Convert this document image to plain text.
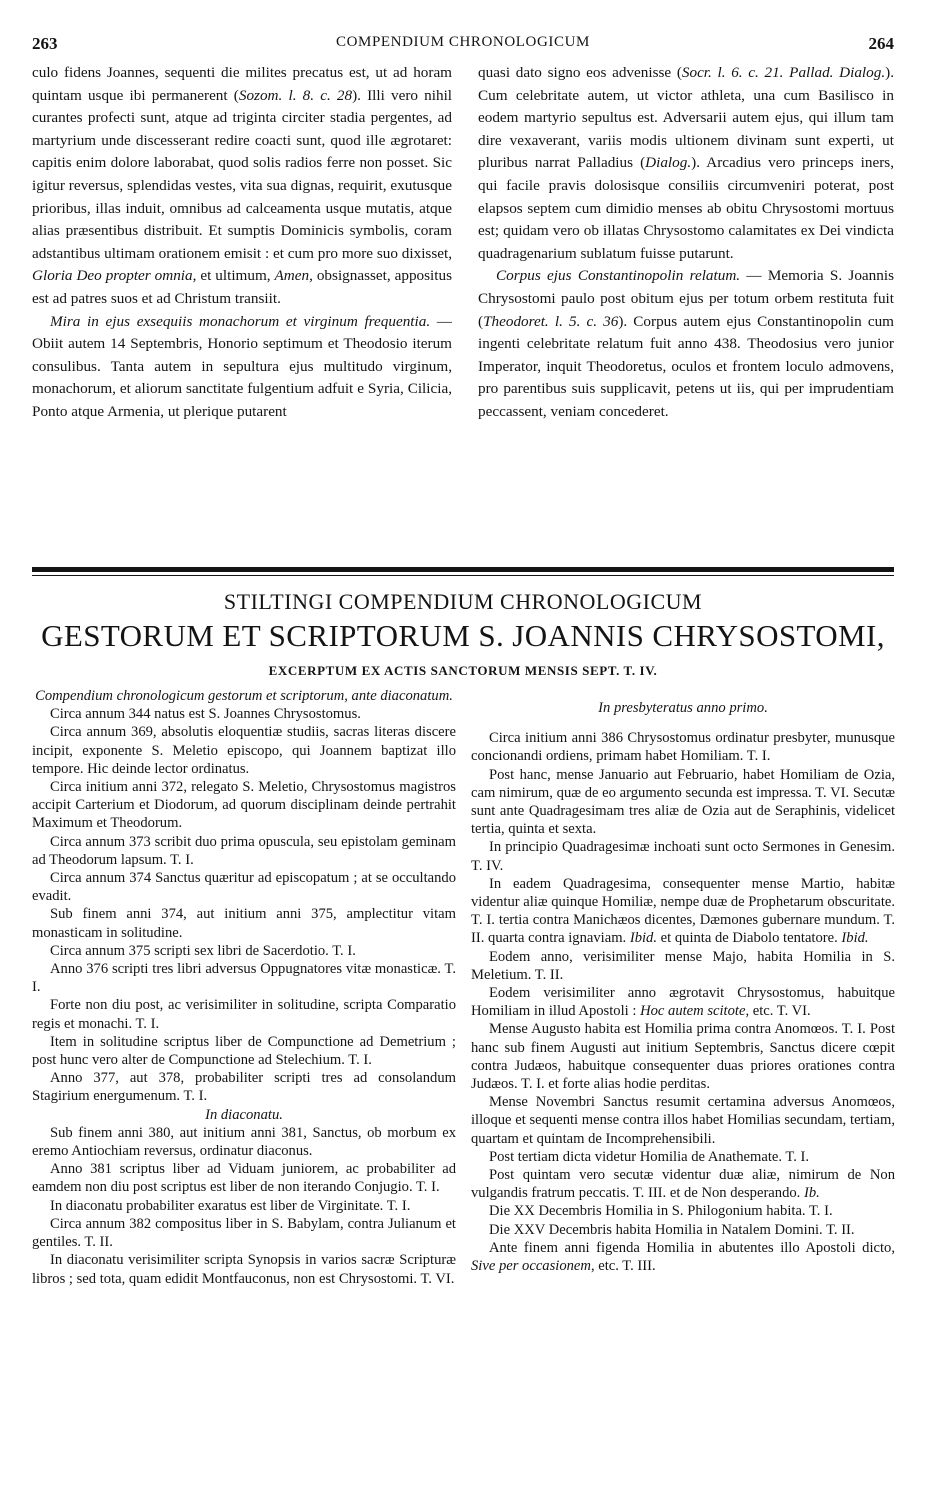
263	COMPENDIUM CHRONOLOGICUM	264

culo fidens Joannes, sequenti die milites precatus est, ut ad horam quintam usque ibi permanerent (Sozom. l. 8. c. 28). Illi vero nihil curantes profecti sunt, atque ad triginta circiter stadia pergentes, ad martyrium unde discesserant redire coacti sunt, quod ille ægrotaret: capitis enim dolore laborabat, quod solis radios ferre non posset. Sic igitur reversus, splendidas vestes, vita sua dignas, requirit, exutusque prioribus, illas induit, omnibus ad calceamenta usque mutatis, atque alias præsentibus distribuit. Et sumptis Dominicis symbolis, coram adstantibus ultimam orationem emisit : et cum pro more suo dixisset, Gloria Deo propter omnia, et ultimum, Amen, obsignasset, appositus est ad patres suos et ad Christum transiit.

Mira in ejus exsequiis monachorum et virginum frequentia. — Obiit autem 14 Septembris, Honorio septimum et Theodosio iterum consulibus. Tanta autem in sepultura ejus multitudo virginum, monachorum, et aliorum sanctitate fulgentium adfuit e Syria, Cilicia, Ponto atque Armenia, ut plerique putarent

quasi dato signo eos advenisse (Socr. l. 6. c. 21. Pallad. Dialog.). Cum celebritate autem, ut victor athleta, una cum Basilisco in eodem martyrio sepultus est. Adversarii autem ejus, qui illum tam dire vexaverant, variis modis ultionem divinam sunt experti, ut pluribus narrat Palladius (Dialog.). Arcadius vero princeps iners, qui facile pravis dolosisque consiliis circumveniri poterat, post elapsos septem cum dimidio menses ab obitu Chrysostomi mortuus est; quidam vero ob illatas Chrysostomo calamitates ex Dei vindicta quadragenarium sublatum fuisse putarunt.

Corpus ejus Constantinopolin relatum. — Memoria S. Joannis Chrysostomi paulo post obitum ejus per totum orbem restituta fuit (Theodoret. l. 5. c. 36). Corpus autem ejus Constantinopolin cum ingenti celebritate relatum fuit anno 438. Theodosius vero junior Imperator, inquit Theodoretus, oculos et frontem loculo admovens, pro parentibus suis supplicavit, petens ut iis, qui per imprudentiam peccassent, veniam concederet.

STILTINGI COMPENDIUM CHRONOLOGICUM
GESTORUM ET SCRIPTORUM S. JOANNIS CHRYSOSTOMI,
EXCERPTUM EX ACTIS SANCTORUM MENSIS SEPT. T. IV.

Compendium chronologicum gestorum et scriptorum, ante diaconatum.

Circa annum 344 natus est S. Joannes Chrysostomus.

Circa annum 369, absolutis eloquentiæ studiis, sacras literas discere incipit, exponente S. Meletio episcopo, qui Joannem baptizat illo tempore. Hic deinde lector ordinatus.

Circa initium anni 372, relegato S. Meletio, Chrysostomus magistros accipit Carterium et Diodorum, ad quorum disciplinam deinde pertrahit Maximum et Theodorum.

Circa annum 373 scribit duo prima opuscula, seu epistolam geminam ad Theodorum lapsum. T. I.

Circa annum 374 Sanctus quæritur ad episcopatum ; at se occultando evadit.

Sub finem anni 374, aut initium anni 375, amplectitur vitam monasticam in solitudine.

Circa annum 375 scripti sex libri de Sacerdotio. T. I.

Anno 376 scripti tres libri adversus Oppugnatores vitæ monasticæ. T. I.

Forte non diu post, ac verisimiliter in solitudine, scripta Comparatio regis et monachi. T. I.

Item in solitudine scriptus liber de Compunctione ad Demetrium ; post hunc vero alter de Compunctione ad Stelechium. T. I.

Anno 377, aut 378, probabiliter scripti tres ad consolandum Stagirium energumenum. T. I.

In diaconatu.

Sub finem anni 380, aut initium anni 381, Sanctus, ob morbum ex eremo Antiochiam reversus, ordinatur diaconus.

Anno 381 scriptus liber ad Viduam juniorem, ac probabiliter ad eamdem non diu post scriptus est liber de non iterando Conjugio. T. I.

In diaconatu probabiliter exaratus est liber de Virginitate. T. I.

Circa annum 382 compositus liber in S. Babylam, contra Julianum et gentiles. T. II.

In diaconatu verisimiliter scripta Synopsis in varios sacræ Scripturæ libros ; sed tota, quam edidit Montfauconus, non est Chrysostomi. T. VI.

In presbyteratus anno primo.

Circa initium anni 386 Chrysostomus ordinatur presbyter, munusque concionandi ordiens, primam habet Homiliam. T. I.

Post hanc, mense Januario aut Februario, habet Homiliam de Ozia, cam nimirum, quæ de eo argumento secunda est impressa. T. VI. Secutæ sunt ante Quadragesimam tres aliæ de Ozia aut de Seraphinis, videlicet tertia, quinta et sexta.

In principio Quadragesimæ inchoati sunt octo Sermones in Genesim. T. IV.

In eadem Quadragesima, consequenter mense Martio, habitæ videntur aliæ quinque Homiliæ, nempe duæ de Prophetarum obscuritate. T. I. tertia contra Manichæos dicentes, Dæmones gubernare mundum. T. II. quarta contra ignaviam. Ibid. et quinta de Diabolo tentatore. Ibid.

Eodem anno, verisimiliter mense Majo, habita Homilia in S. Meletium. T. II.

Eodem verisimiliter anno ægrotavit Chrysostomus, habuitque Homiliam in illud Apostoli : Hoc autem scitote, etc. T. VI.

Mense Augusto habita est Homilia prima contra Anomœos. T. I. Post hanc sub finem Augusti aut initium Septembris, Sanctus dicere cœpit contra Judæos, habuitque consequenter duas priores orationes contra Judæos. T. I. et forte alias hodie perditas.

Mense Novembri Sanctus resumit certamina adversus Anomœos, illoque et sequenti mense contra illos habet Homilias secundam, tertiam, quartam et quintam de Incomprehensibili.

Post tertiam dicta videtur Homilia de Anathemate. T. I.

Post quintam vero secutæ videntur duæ aliæ, nimirum de Non vulgandis fratrum peccatis. T. III. et de Non desperando. Ib.

Die XX Decembris Homilia in S. Philogonium habita. T. I.

Die XXV Decembris habita Homilia in Natalem Domini. T. II.

Ante finem anni figenda Homilia in abutentes illo Apostoli dicto, Sive per occasionem, etc. T. III.
